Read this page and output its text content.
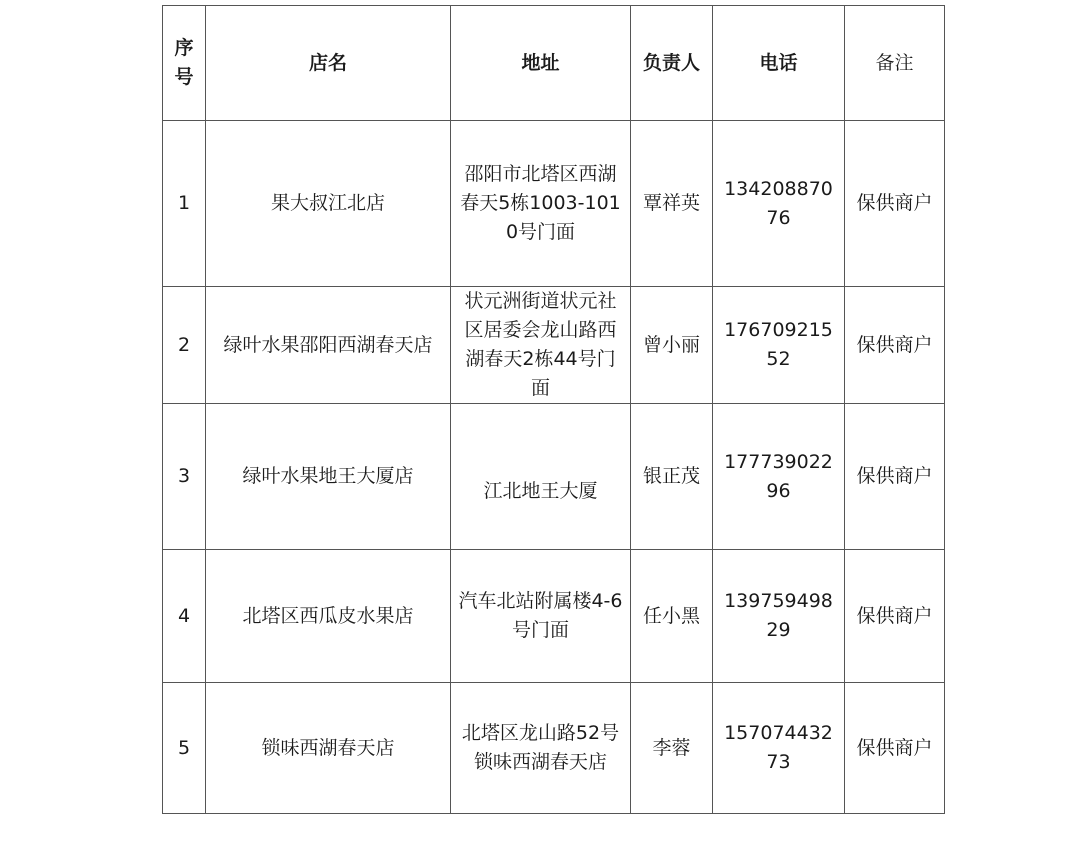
序号	店名	地址	负责人	电话	备注
1	果大叔江北店	邵阳市北塔区西湖春天5栋1003-1010号门面	覃祥英	13420887076	保供商户
2	绿叶水果邵阳西湖春天店	状元洲街道状元社区居委会龙山路西湖春天2栋44号门面	曾小丽	17670921552	保供商户
3	绿叶水果地王大厦店	江北地王大厦	银正茂	17773902296	保供商户
4	北塔区西瓜皮水果店	汽车北站附属楼4-6号门面	任小黑	13975949829	保供商户
5	锁味西湖春天店	北塔区龙山路52号锁味西湖春天店	李蓉	15707443273	保供商户
